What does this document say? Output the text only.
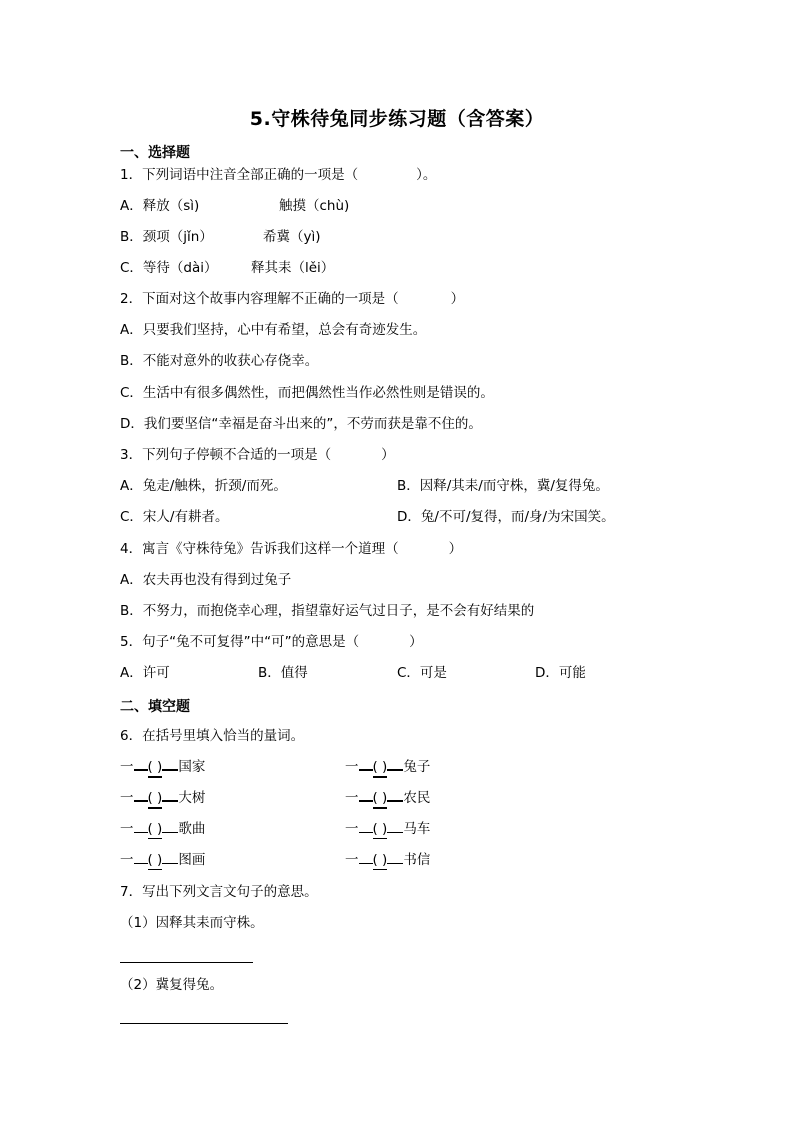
5.守株待兔同步练习题（含答案）
一、选择题
1．下列词语中注音全部正确的一项是（	）。
A．释放（sì)	触摸（chù)
B．颈项（jǐn）	希冀（yì)
C．等待（dài） 释其耒（lěi）
2．下面对这个故事内容理解不正确的一项是（	）
A．只要我们坚持，心中有希望，总会有奇迹发生。
B．不能对意外的收获心存侥幸。
C．生活中有很多偶然性，而把偶然性当作必然性则是错误的。
D．我们要坚信“幸福是奋斗出来的”，不劳而获是靠不住的。
3．下列句子停顿不合适的一项是（	）
A．兔走/触株，折颈/而死。	B．因释/其耒/而守株，冀/复得兔。
C．宋人/有耕者。	D．兔/不可/复得，而/身/为宋国笑。
4．寓言《守株待兔》告诉我们这样一个道理（	）
A．农夫再也没有得到过兔子
B．不努力，而抱侥幸心理，指望靠好运气过日子，是不会有好结果的
5．句子“兔不可复得”中“可”的意思是（	）
A．许可	B．值得	C．可是	D．可能
二、填空题
6．在括号里填入恰当的量词。
一 ( ) 国家	一 ( ) 兔子
一 ( ) 大树	一 ( ) 农民
一 ( ) 歌曲	一 ( ) 马车
一 ( ) 图画	一 ( ) 书信
7．写出下列文言文句子的意思。
（1）因释其耒而守株。
（2）冀复得兔。
